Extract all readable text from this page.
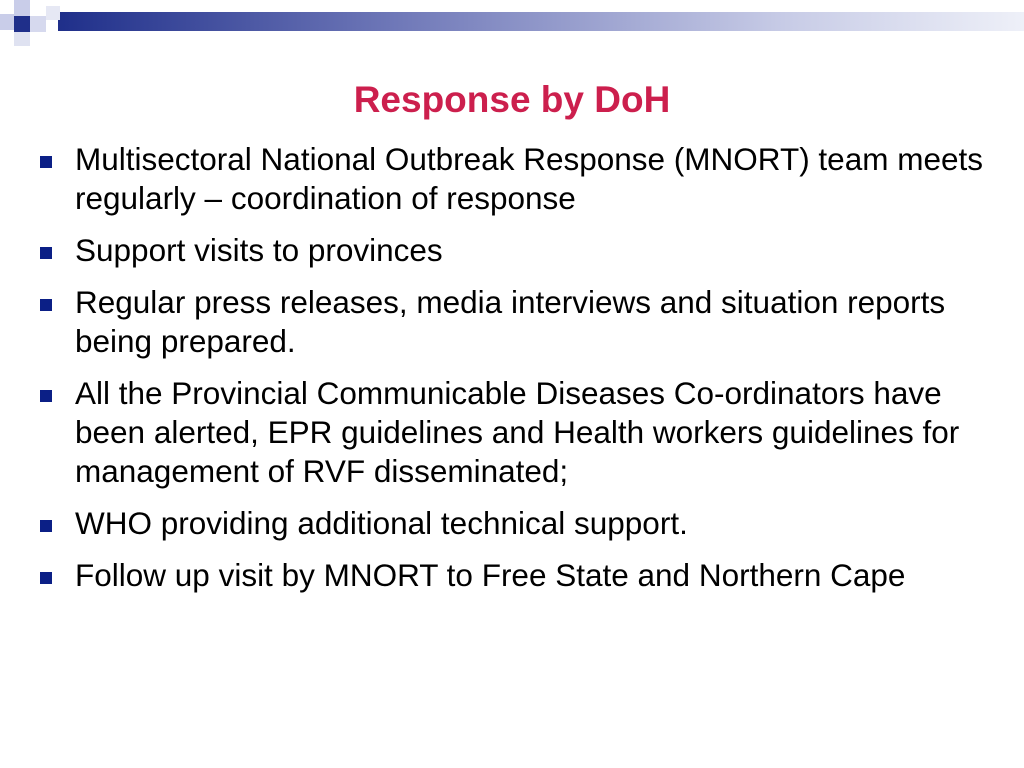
Response by DoH
Multisectoral National Outbreak Response (MNORT) team meets regularly – coordination of response
Support visits to provinces
Regular press releases, media interviews and situation reports being prepared.
All the Provincial Communicable Diseases Co-ordinators have been alerted, EPR guidelines and Health workers guidelines for management of RVF disseminated;
WHO providing additional technical support.
Follow up visit by MNORT to Free State and Northern Cape
